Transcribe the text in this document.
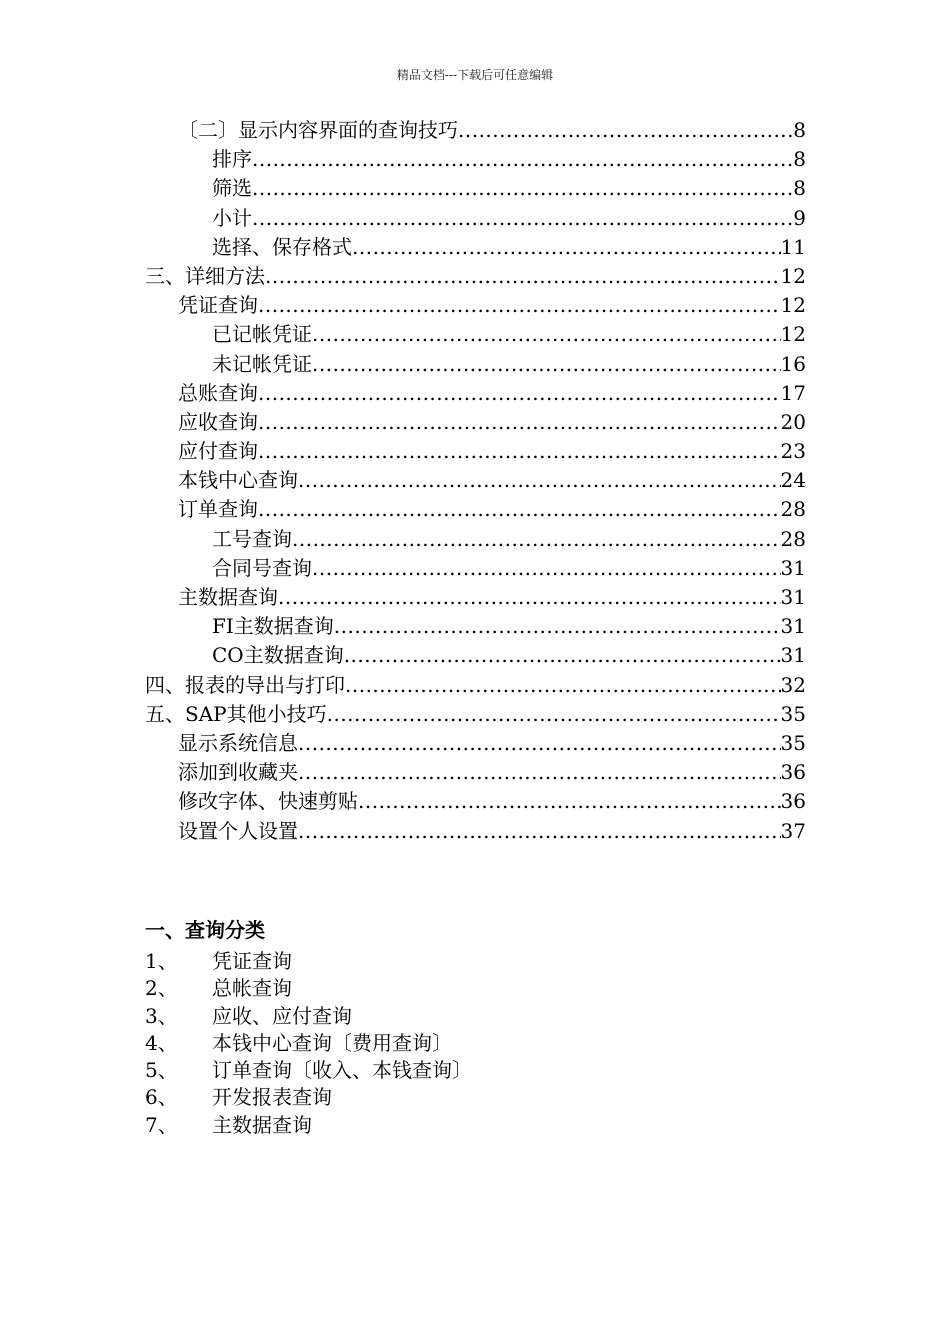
精品文档---下载后可任意编辑
〔二〕显示内容界面的查询技巧 .....	8
排序 .....	8
筛选 .....	8
小计 .....	9
选择、保存格式 .....	11
三、详细方法 .....	12
凭证查询 .....	12
已记帐凭证 .....	12
未记帐凭证 .....	16
总账查询 .....	17
应收查询 .....	20
应付查询 .....	23
本钱中心查询 .....	24
订单查询 .....	28
工号查询 .....	28
合同号查询 .....	31
主数据查询 .....	31
FI主数据查询 .....	31
CO主数据查询 .....	31
四、报表的导出与打印 .....	32
五、SAP其他小技巧 .....	35
显示系统信息 .....	35
添加到收藏夹 .....	36
修改字体、快速剪贴 .....	36
设置个人设置 .....	37
一、查询分类
1、 凭证查询
2、 总帐查询
3、 应收、应付查询
4、 本钱中心查询〔费用查询〕
5、 订单查询〔收入、本钱查询〕
6、 开发报表查询
7、 主数据查询
